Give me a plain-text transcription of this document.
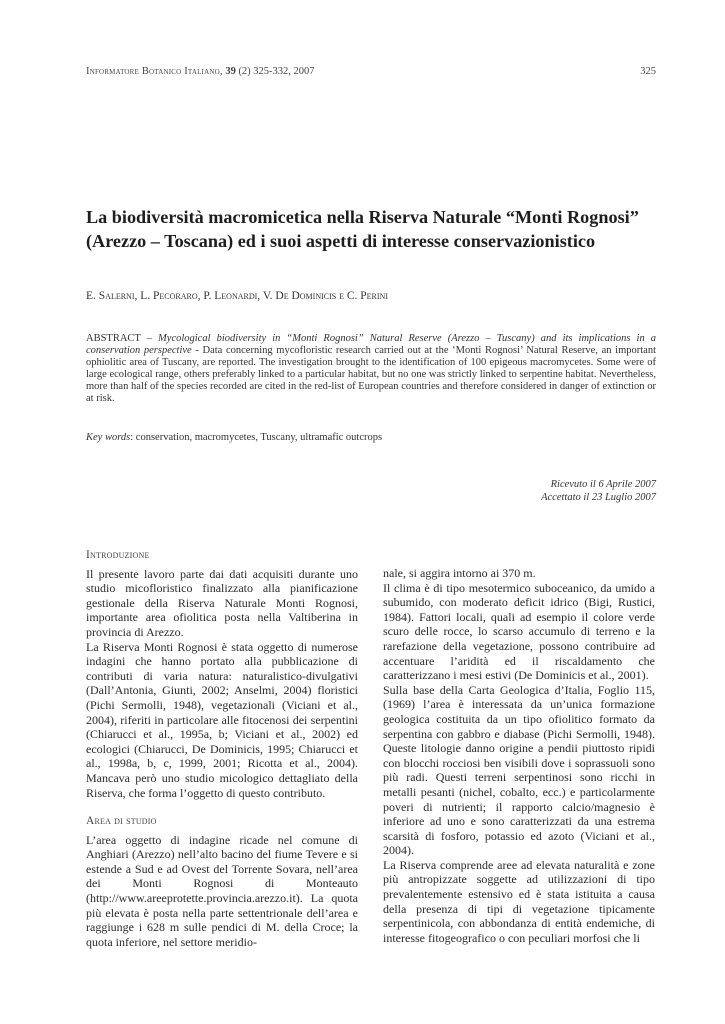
Informatore Botanico Italiano, 39 (2) 325-332, 2007	325
La biodiversità macromicetica nella Riserva Naturale “Monti Rognosi” (Arezzo – Toscana) ed i suoi aspetti di interesse conservazionistico
E. Salerni, L. Pecoraro, P. Leonardi, V. De Dominicis e C. Perini

ABSTRACT – Mycological biodiversity in “Monti Rognosi” Natural Reserve (Arezzo – Tuscany) and its implications in a conservation perspective - Data concerning mycofloristic research carried out at the ‘Monti Rognosi’ Natural Reserve, an important ophiolitic area of Tuscany, are reported. The investigation brought to the identification of 100 epigeous macromycetes. Some were of large ecological range, others preferably linked to a particular habitat, but no one was strictly linked to serpentine habitat. Nevertheless, more than half of the species recorded are cited in the red-list of European countries and therefore considered in danger of extinction or at risk.

Key words: conservation, macromycetes, Tuscany, ultramafic outcrops

Ricevuto il 6 Aprile 2007
Accettato il 23 Luglio 2007
Introduzione

Il presente lavoro parte dai dati acquisiti durante uno studio micofloristico finalizzato alla pianificazione gestionale della Riserva Naturale Monti Rognosi, importante area ofiolitica posta nella Valtiberina in provincia di Arezzo.

La Riserva Monti Rognosi è stata oggetto di numerose indagini che hanno portato alla pubblicazione di contributi di varia natura: naturalistico-divulgativi (Dall’Antonia, Giunti, 2002; Anselmi, 2004) floristici (Pichi Sermolli, 1948), vegetazionali (Viciani et al., 2004), riferiti in particolare alle fitocenosi dei serpentini (Chiarucci et al., 1995a, b; Viciani et al., 2002) ed ecologici (Chiarucci, De Dominicis, 1995; Chiarucci et al., 1998a, b, c, 1999, 2001; Ricotta et al., 2004). Mancava però uno studio micologico dettagliato della Riserva, che forma l’oggetto di questo contributo.

Area di studio

L’area oggetto di indagine ricade nel comune di Anghiari (Arezzo) nell’alto bacino del fiume Tevere e si estende a Sud e ad Ovest del Torrente Sovara, nell’area dei Monti Rognosi di Monteauto (http://www.areeprotette.provincia.arezzo.it). La quota più elevata è posta nella parte settentrionale dell’area e raggiunge i 628 m sulle pendici di M. della Croce; la quota inferiore, nel settore meridio-

nale, si aggira intorno ai 370 m.

Il clima è di tipo mesotermico suboceanico, da umido a subumido, con moderato deficit idrico (Bigi, Rustici, 1984). Fattori locali, quali ad esempio il colore verde scuro delle rocce, lo scarso accumulo di terreno e la rarefazione della vegetazione, possono contribuire ad accentuare l’aridità ed il riscaldamento che caratterizzano i mesi estivi (De Dominicis et al., 2001).

Sulla base della Carta Geologica d’Italia, Foglio 115, (1969) l’area è interessata da un’unica formazione geologica costituita da un tipo ofiolitico formato da serpentina con gabbro e diabase (Pichi Sermolli, 1948). Queste litologie danno origine a pendii piuttosto ripidi con blocchi rocciosi ben visibili dove i soprassuoli sono più radi. Questi terreni serpentinosi sono ricchi in metalli pesanti (nichel, cobalto, ecc.) e particolarmente poveri di nutrienti; il rapporto calcio/magnesio è inferiore ad uno e sono caratterizzati da una estrema scarsità di fosforo, potassio ed azoto (Viciani et al., 2004).

La Riserva comprende aree ad elevata naturalità e zone più antropizzate soggette ad utilizzazioni di tipo prevalentemente estensivo ed è stata istituita a causa della presenza di tipi di vegetazione tipicamente serpentinicola, con abbondanza di entità endemiche, di interesse fitogeografico o con peculiari morfosi che li
